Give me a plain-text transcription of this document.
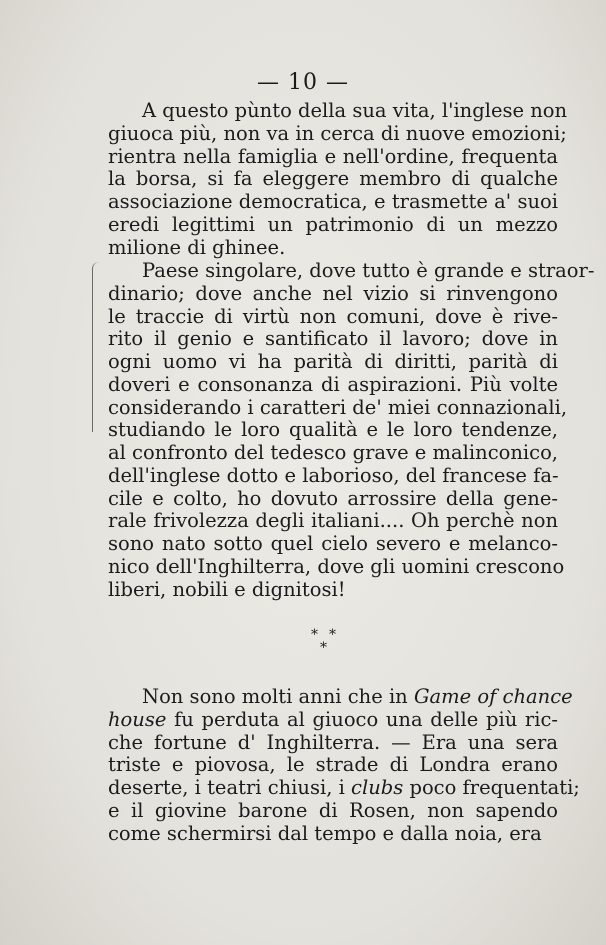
— 10 —
A questo pùnto della sua vita, l'inglese non
giuoca più, non va in cerca di nuove emozioni;
rientra nella famiglia e nell'ordine, frequenta
la borsa, si fa eleggere membro di qualche
associazione democratica, e trasmette a' suoi
eredi legittimi un patrimonio di un mezzo
milione di ghinee.
Paese singolare, dove tutto è grande e straor-
dinario; dove anche nel vizio si rinvengono
le traccie di virtù non comuni, dove è rive-
rito il genio e santificato il lavoro; dove in
ogni uomo vi ha parità di diritti, parità di
doveri e consonanza di aspirazioni. Più volte
considerando i caratteri de' miei connazionali,
studiando le loro qualità e le loro tendenze,
al confronto del tedesco grave e malinconico,
dell'inglese dotto e laborioso, del francese fa-
cile e colto, ho dovuto arrossire della gene-
rale frivolezza degli italiani.... Oh perchè non
sono nato sotto quel cielo severo e melanco-
nico dell'Inghilterra, dove gli uomini crescono
liberi, nobili e dignitosi!
* *
*
Non sono molti anni che in Game of chance
house fu perduta al giuoco una delle più ric-
che fortune d' Inghilterra. — Era una sera
triste e piovosa, le strade di Londra erano
deserte, i teatri chiusi, i clubs poco frequentati;
e il giovine barone di Rosen, non sapendo
come schermirsi dal tempo e dalla noia, era
